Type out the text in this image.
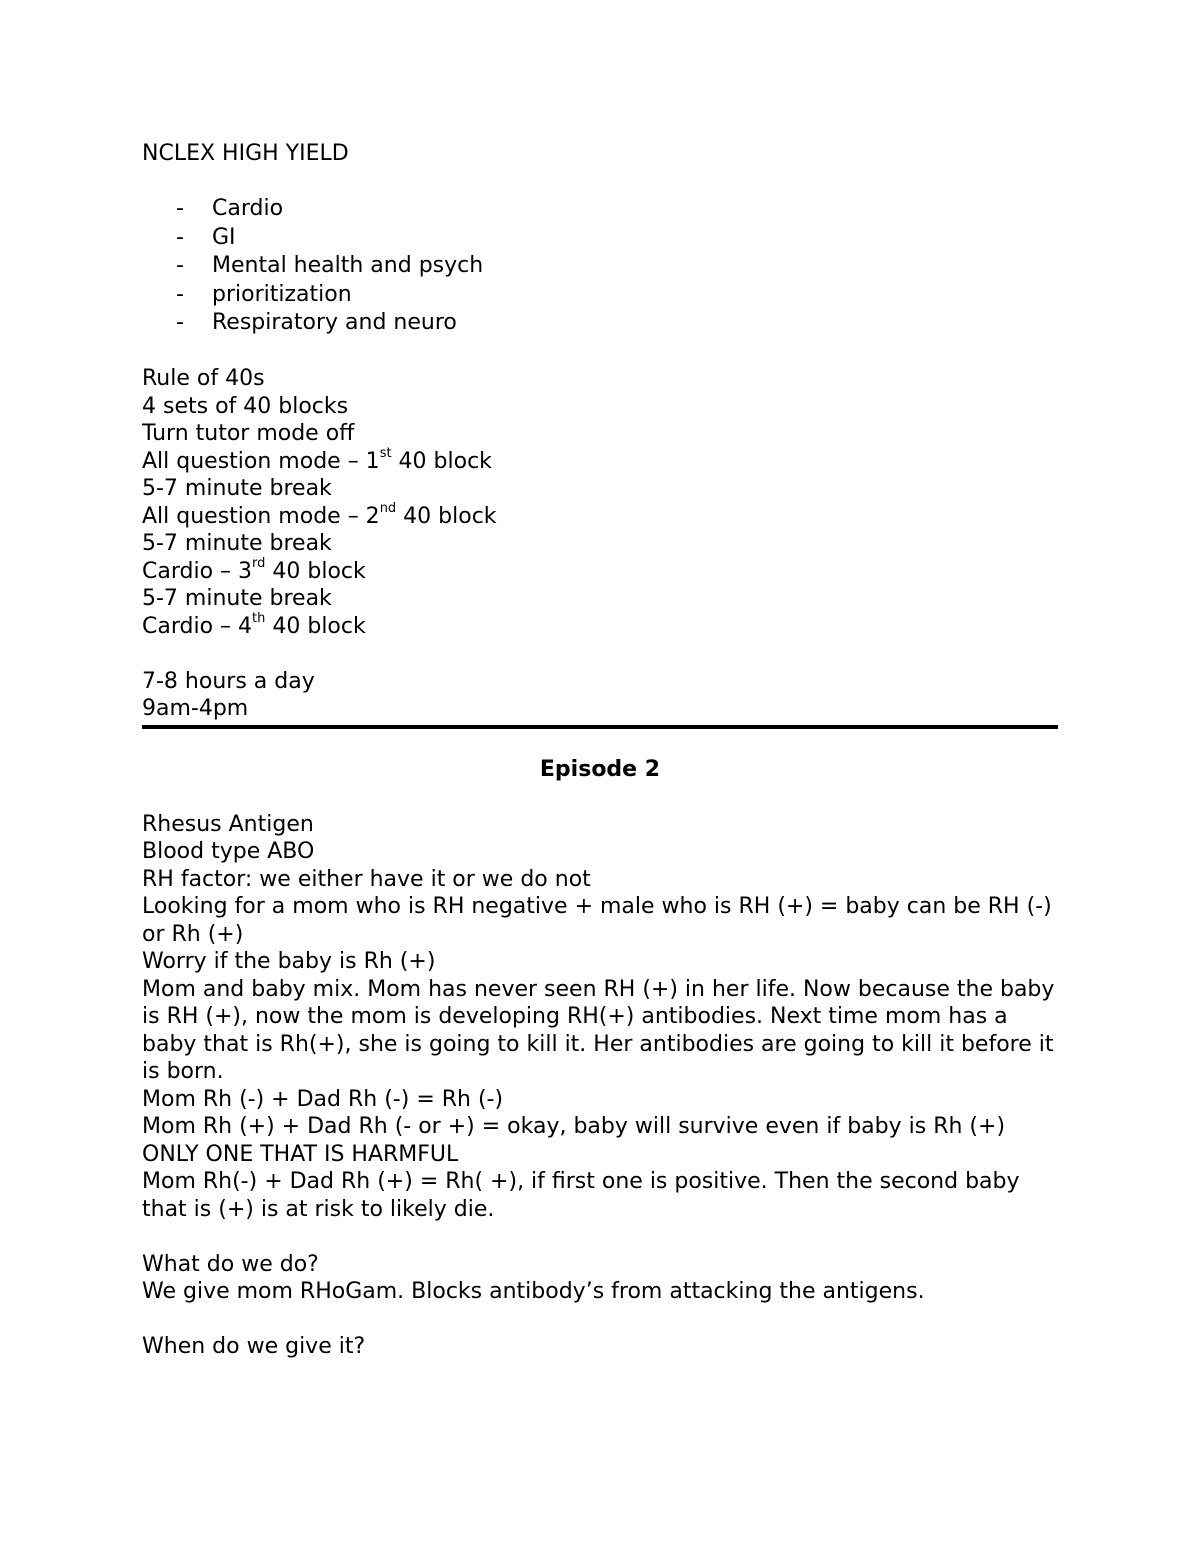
NCLEX HIGH YIELD
- Cardio
- GI
- Mental health and psych
- prioritization
- Respiratory and neuro
Rule of 40s
4 sets of 40 blocks
Turn tutor mode off
All question mode – 1st 40 block
5-7 minute break
All question mode – 2nd 40 block
5-7 minute break
Cardio – 3rd 40 block
5-7 minute break
Cardio – 4th 40 block
7-8 hours a day
9am-4pm
Episode 2
Rhesus Antigen
Blood type ABO
RH factor: we either have it or we do not
Looking for a mom who is RH negative + male who is RH (+) = baby can be RH (-) or Rh (+)
Worry if the baby is Rh (+)
Mom and baby mix. Mom has never seen RH (+) in her life. Now because the baby is RH (+), now the mom is developing RH(+) antibodies. Next time mom has a baby that is Rh(+), she is going to kill it. Her antibodies are going to kill it before it is born.
Mom Rh (-) + Dad Rh (-) = Rh (-)
Mom Rh (+) + Dad Rh (- or +) = okay, baby will survive even if baby is Rh (+)
ONLY ONE THAT IS HARMFUL
Mom Rh(-) + Dad Rh (+) = Rh( +), if first one is positive. Then the second baby that is (+) is at risk to likely die.
What do we do?
We give mom RHoGam. Blocks antibody’s from attacking the antigens.
When do we give it?
